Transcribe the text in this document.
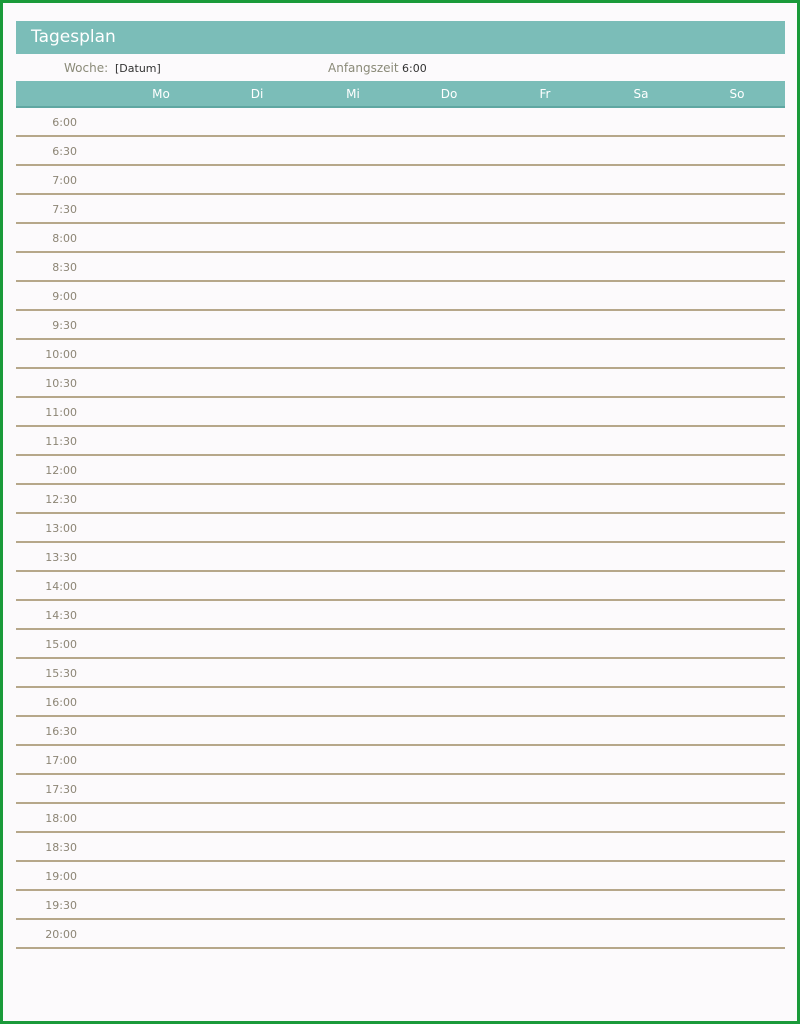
Tagesplan
Woche: [Datum]	Anfangszeit 6:00
Mo	Di	Mi	Do	Fr	Sa	So
6:00
6:30
7:00
7:30
8:00
8:30
9:00
9:30
10:00
10:30
11:00
11:30
12:00
12:30
13:00
13:30
14:00
14:30
15:00
15:30
16:00
16:30
17:00
17:30
18:00
18:30
19:00
19:30
20:00
